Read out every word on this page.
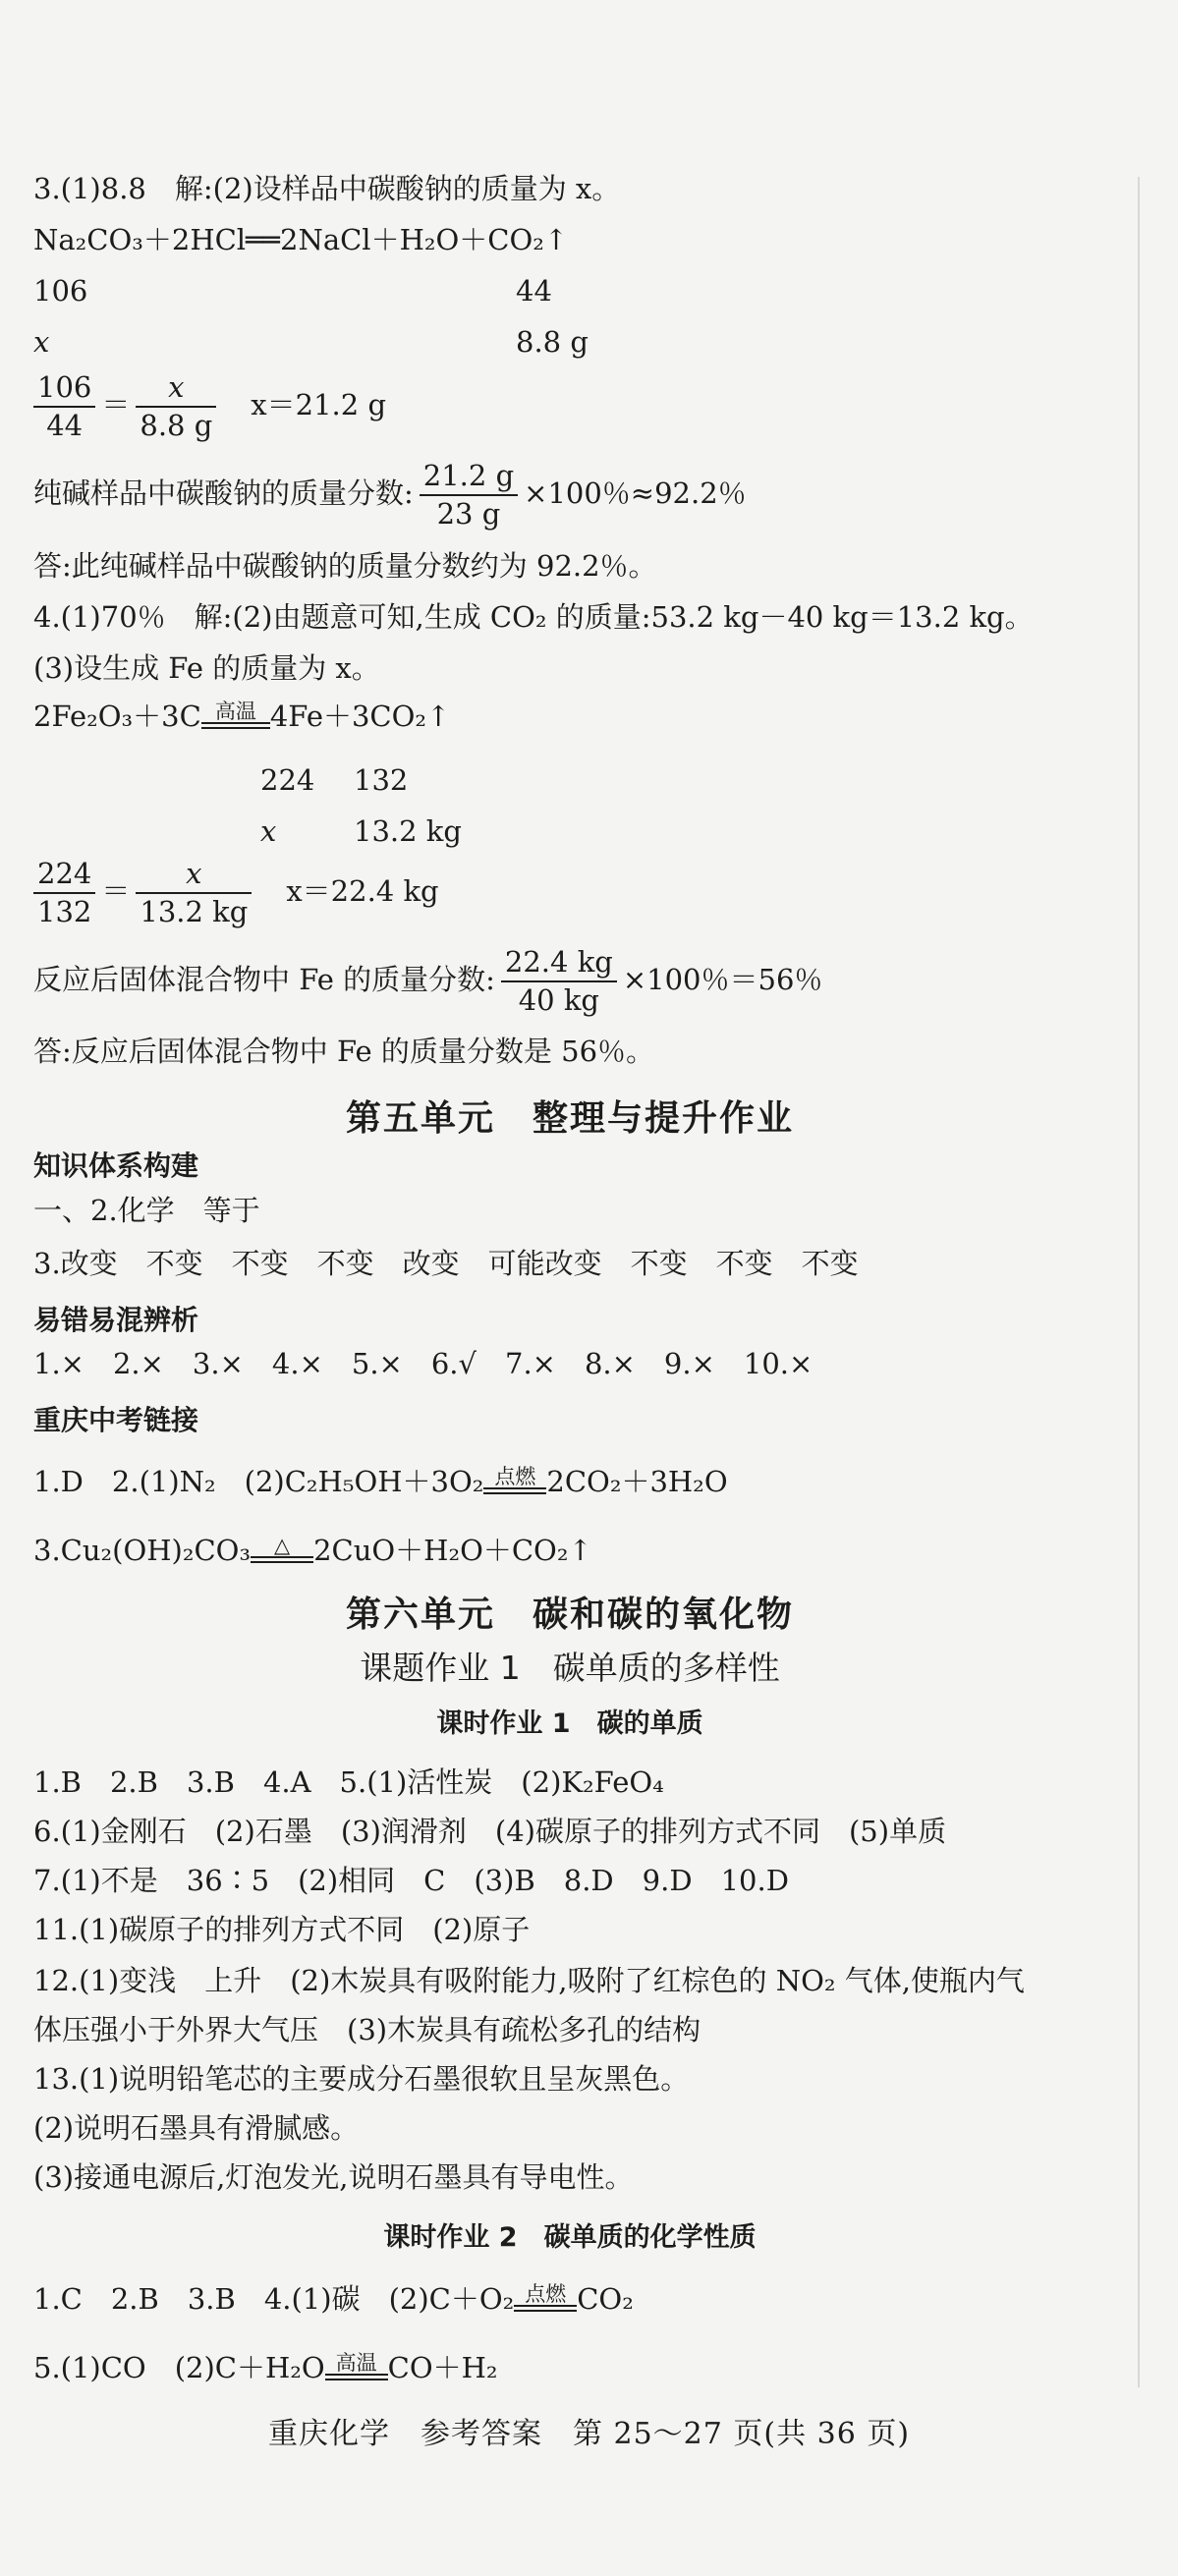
3.(1)8.8　解:(2)设样品中碳酸钠的质量为 x。
Na₂CO₃＋2HCl══2NaCl＋H₂O＋CO₂↑
106	44
x	8.8 g
$\frac{106}{44} = \frac{x}{8.8 g}$
　 x＝21.2 g
纯碱样品中碳酸钠的质量分数: $\frac{21.2 g}{23 g} \times 100$％≈92.2％
答:此纯碱样品中碳酸钠的质量分数约为 92.2％。
4.(1)70％　解:(2)由题意可知,生成 CO₂ 的质量:53.2 kg－40 kg＝13.2 kg。
(3)设生成 Fe 的质量为 x。
2Fe₂O₃＋3C 高温 4Fe＋3CO₂↑
224 132
x	13.2 kg
$\frac{224}{132} = \frac{x}{13.2 kg}$
　 x＝22.4 kg
反应后固体混合物中 Fe 的质量分数: $\frac{22.4 kg}{40 kg} \times 100$％＝56％
答:反应后固体混合物中 Fe 的质量分数是 56％。
第五单元　整理与提升作业
知识体系构建
一、2.化学　等于
3.改变　不变　不变　不变　改变　可能改变　不变　不变　不变
易错易混辨析
1.×　2.×　3.×　4.×　5.×　6.√　7.×　8.×　9.×　10.×
重庆中考链接
1.D　2.(1)N₂　(2)C₂H₅OH＋3O₂ 点燃 2CO₂＋3H₂O
3.Cu₂(OH)₂CO₃	△ 2CuO＋H₂O＋CO₂↑
第六单元　碳和碳的氧化物
课题作业 1　碳单质的多样性
课时作业 1　碳的单质
1.B　2.B　3.B　4.A　5.(1)活性炭　(2)K₂FeO₄
6.(1)金刚石　(2)石墨　(3)润滑剂　(4)碳原子的排列方式不同　(5)单质
7.(1)不是　36∶5　(2)相同　C　(3)B　8.D　9.D　10.D
11.(1)碳原子的排列方式不同　(2)原子
12.(1)变浅　上升　(2)木炭具有吸附能力,吸附了红棕色的 NO₂ 气体,使瓶内气
体压强小于外界大气压　(3)木炭具有疏松多孔的结构
13.(1)说明铅笔芯的主要成分石墨很软且呈灰黑色。
(2)说明石墨具有滑腻感。
(3)接通电源后,灯泡发光,说明石墨具有导电性。
课时作业 2　碳单质的化学性质
1.C　2.B　3.B　4.(1)碳　(2)C＋O₂ 点燃 CO₂
5.(1)CO　(2)C＋H₂O 高温 CO＋H₂
重庆化学　参考答案　第 25～27 页(共 36 页)
